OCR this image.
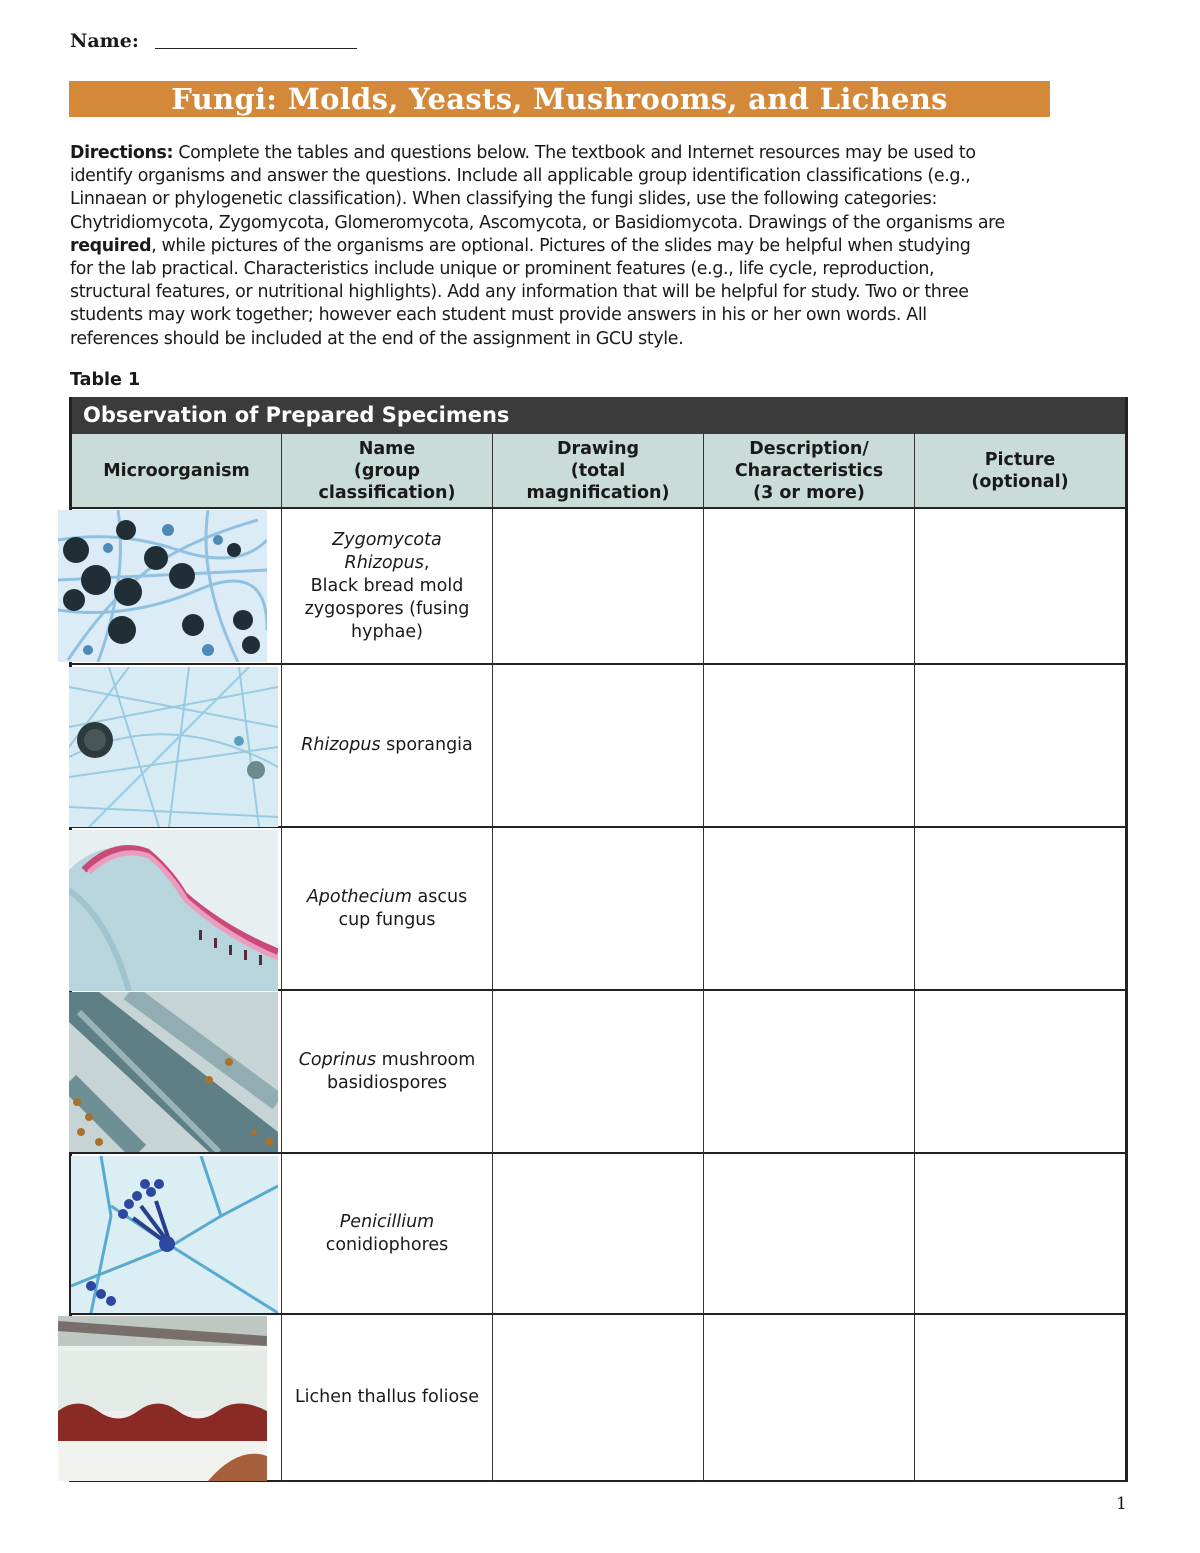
Name:
Fungi: Molds, Yeasts, Mushrooms, and Lichens

Directions: Complete the tables and questions below. The textbook and Internet resources may be used to

identify organisms and answer the questions. Include all applicable group identification classifications (e.g.,

Linnaean or phylogenetic classification). When classifying the fungi slides, use the following categories:

Chytridiomycota, Zygomycota, Glomeromycota, Ascomycota, or Basidiomycota. Drawings of the organisms are

required, while pictures of the organisms are optional. Pictures of the slides may be helpful when studying

for the lab practical. Characteristics include unique or prominent features (e.g., life cycle, reproduction,

structural features, or nutritional highlights). Add any information that will be helpful for study. Two or three

students may work together; however each student must provide answers in his or her own words. All

references should be included at the end of the assignment in GCU style.

Table 1
Observation of Prepared Specimens
Microorganism
Name
(group
classification)
Drawing
(total
magnification)
Description/
Characteristics
(3 or more)
Picture
(optional)
Zygomycota
Rhizopus,
Black bread mold
zygospores (fusing
hyphae)
Rhizopus sporangia
Apothecium ascus
cup fungus
Coprinus mushroom
basidiospores
Penicillium
conidiophores
Lichen thallus foliose
1
